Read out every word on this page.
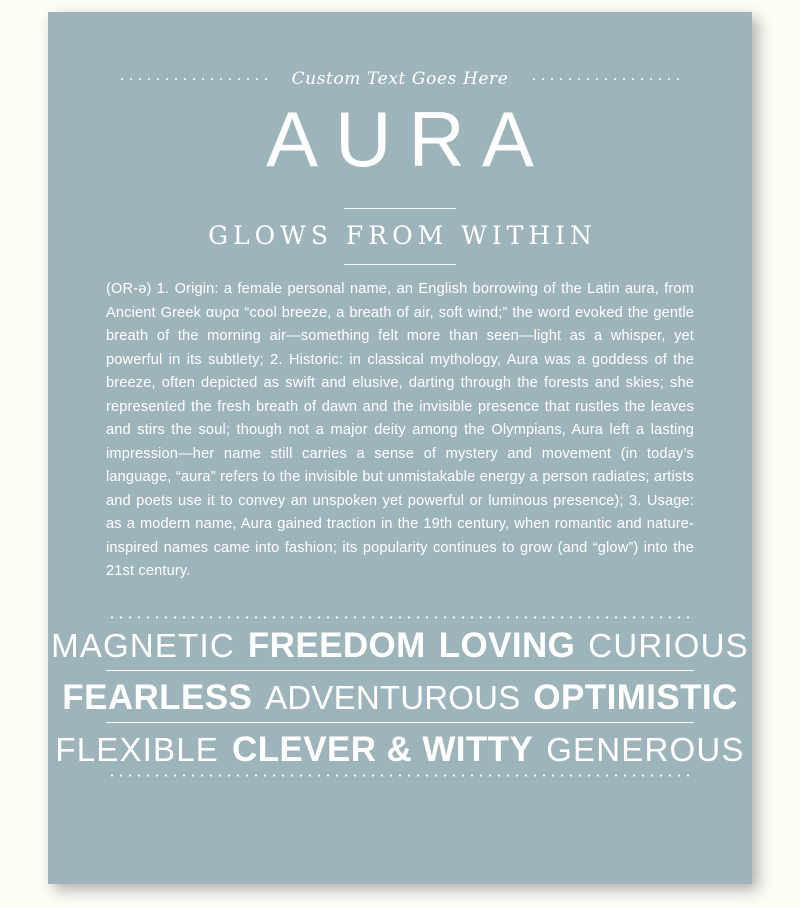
Custom Text Goes Here
AURA
GLOWS FROM WITHIN
(OR-ə) 1. Origin: a female personal name, an English borrowing of the Latin aura, from Ancient Greek αυρα “cool breeze, a breath of air, soft wind;” the word evoked the gentle breath of the morning air—something felt more than seen—light as a whisper, yet powerful in its subtlety; 2. Historic: in classical mythology, Aura was a goddess of the breeze, often depicted as swift and elusive, darting through the forests and skies; she represented the fresh breath of dawn and the invisible presence that rustles the leaves and stirs the soul; though not a major deity among the Olympians, Aura left a lasting impression—her name still carries a sense of mystery and movement (in today’s language, “aura” refers to the invisible but unmistakable energy a person radiates; artists and poets use it to convey an unspoken yet powerful or luminous presence); 3. Usage: as a modern name, Aura gained traction in the 19th century, when romantic and nature-inspired names came into fashion; its popularity continues to grow (and “glow”) into the 21st century.
MAGNETIC FREEDOM LOVING CURIOUS
FEARLESS ADVENTUROUS OPTIMISTIC
FLEXIBLE CLEVER & WITTY GENEROUS
